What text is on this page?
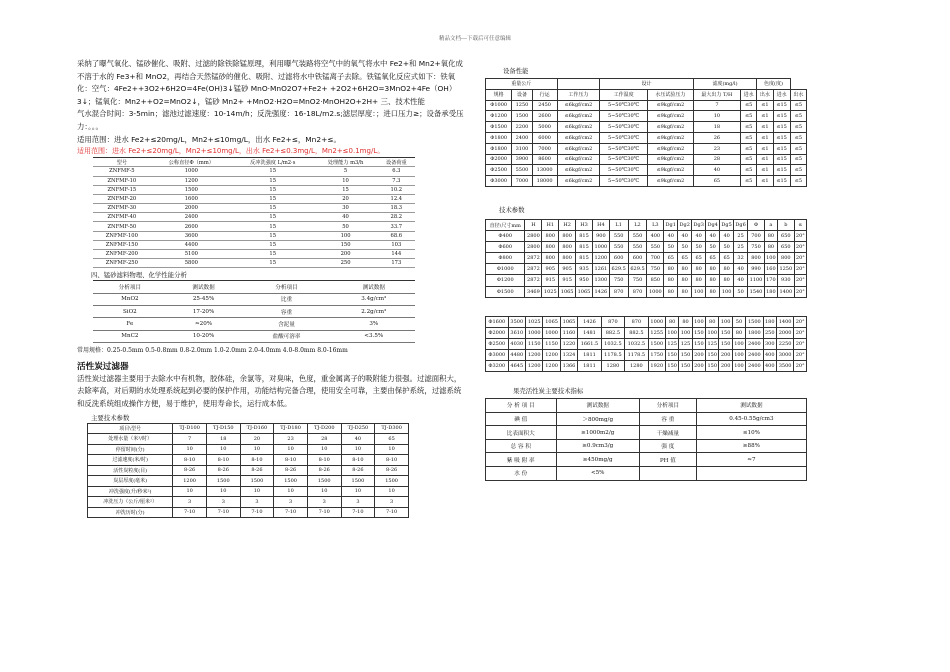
精品文档---下载后可任意编辑

采纳了曝气氧化、锰砂催化、吸附、过滤的除铁除锰原理，利用曝气装路将空气中的氧气将水中 Fe2+和 Mn2+氧化成不溶于水的 Fe3+和 MnO2，再结合天然锰砂的催化、吸附、过滤将水中铁锰离子去除。铁锰氧化反应式如下：铁氧化：空气：4Fe2++3O2+6H2O=4Fe(OH)3↓锰砂 MnO·MnO2O7+Fe2+ +2O2+6H2O=3MnO2+4Fe（OH）3↓；锰氧化：Mn2++O2=MnO2↓，锰砂 Mn2+ +MnO2·H2O=MnO2·MnOH2O+2H+ 三、技术性能

气水混合时间：3-5min；滤池过滤速度：10-14m/h；反洗强度：16-18L/m2.s;滤层厚度：；进口压力≥；设备承受压力：。。。

适用范围：进水 Fe2+≤20mg/L，Mn2+≤10mg/L，出水 Fe2+≤，Mn2+≤。

适用范围：进水 Fe2+≤20mg/L，Mn2+≤10mg/L，出水 Fe2+≤0.3mg/L，Mn2+≤0.1mg/L。
型号	公称直径Φ（mm）	反冲洗强度 L/m2·s	处理能力 m3/h	设备荷重
ZNFMF-5	1000	15	5	6.3
ZNFMF-10	1200	15	10	7.3
ZNFMF-15	1500	15	15	10.2
ZNFMF-20	1600	15	20	12.4
ZNFMF-30	2000	15	30	18.3
ZNFMF-40	2400	15	40	28.2
ZNFMF-50	2600	15	50	33.7
ZNFMF-100	3600	15	100	68.6
ZNFMF-150	4400	15	150	103
ZNFMF-200	5100	15	200	144
ZNFMF-250	5800	15	250	173
四、锰砂滤料物理、化学性能分析
分析项目	测试数据	分析项目	测试数据
MnO2	25-45%	比重	3.4g/cm³
SiO2	17-20%	容重	2.2g/cm³
Fe	≈20%	含泥量	3%
MnC2	10-20%	盐酸可溶率	<3.5%
常用规格：0.25-0.5mm 0.5-0.8mm 0.8-2.0mm 1.0-2.0mm 2.0-4.0mm 4.0-8.0mm 8.0-16mm
活性炭过滤器

活性炭过滤器主要用于去除水中有机物，胶体硅，余氯等，对臭味，色度，重金属离子的吸附能力很强。过滤面积大，去除率高，对后期的水处理系统起到必要的保护作用，功能结构完备合理，使用安全可靠，主要由保护系统，过滤系统和反洗系统组成操作方便，易于维护，使用寿命长，运行成本低。

主要技术参数
项目\型号	TJ-D100	TJ-D150	TJ-D160	TJ-D180	TJ-D200	TJ-D250	TJ-D300
处理水量（米³/时）	7	18	20	23	28	40	65
停留时间(分)	10	10	10	10	10	10	10
过滤速度(米/时)	8-10	8-10	8-10	8-10	8-10	8-10	8-10
活性炭粒度(目)	8-26	8-26	8-26	8-26	8-26	8-26	8-26
炭层厚度(毫米)	1200	1500	1500	1500	1500	1500	1500
冲洗强度(升/秒米²)	10	10	10	10	10	10	10
冲洗压力（公斤/厘米²）	3	3	3	3	3	3	3
冲洗历时(分)	7-10	7-10	7-10	7-10	7-10	7-10	7-10
设备性能
重量公斤				设计		滤度(mg/l)		色度(度)		
规格	设备	行运	工作压力	工作温度	水压试验压力	最大出力 T/H	进水	出水	进水	出水
Φ1000	1250	2450	≤6kgf/cm2	5~50℃30℃	≤9kgf/cm2	7	≤5	≤1	≤15	≤5
Φ1200	1500	2600	≤6kgf/cm2	5~50℃30℃	≤9kgf/cm2	10	≤5	≤1	≤15	≤5
Φ1500	2200	5000	≤6kgf/cm2	5~50℃30℃	≤9kgf/cm2	18	≤5	≤1	≤15	≤5
Φ1800	2400	6000	≤6kgf/cm2	5~50℃30℃	≤9kgf/cm2	26	≤5	≤1	≤15	≤5
Φ1800	3100	7000	≤6kgf/cm2	5~50℃30℃	≤9kgf/cm2	23	≤5	≤1	≤15	≤5
Φ2000	3900	8600	≤6kgf/cm2	5~50℃30℃	≤9kgf/cm2	28	≤5	≤1	≤15	≤5
Φ2500	5500	13000	≤6kgf/cm2	5~50℃30℃	≤9kgf/cm2	40	≤5	≤1	≤15	≤5
Φ3000	7000	18000	≤6kgf/cm2	5~50℃30℃	≤9kgf/cm2	65	≤5	≤1	≤15	≤5
技术参数
直径\尺寸mm	H	H1	H2	H3	H4	L1	L2	L3	Dg1	Dg2	Dg3	Dg4	Dg5	Dg6	Φ	a	b	α
Φ400	2800	800	800	815	900	550	550	400	40	40	40	40	40	25	700	80	650	20°
Φ600	2800	800	800	815	1000	550	550	550	50	50	50	50	50	25	750	80	650	20°
Φ800	2872	800	800	815	1200	600	600	700	65	65	65	65	65	32	800	100	800	20°
Φ1000	2872	905	905	935	1261	629.5	629.5	750	80	80	80	80	80	40	990	160	1250	20°
Φ1200	2872	915	915	950	1300	750	750	850	80	80	80	80	80	40	1100	170	930	20°
Φ1500	3469	1025	1065	1065	1426	870	870	1000	80	80	100	80	100	50	1540	180	1400	20°
Φ1600	3500	1025	1065	1065	1426	870	870	1000	80	80	100	80	100	50	1500	180	1400	20°
Φ2000	3610	1000	1000	1160	1481	882.5	882.5	1255	100	100	150	100	150	80	1800	250	2000	20°
Φ2500	4030	1150	1150	1220	1661.5	1032.5	1032.5	1500	125	125	150	125	150	100	2400	300	2250	20°
Φ3000	4480	1200	1200	1324	1811	1178.5	1178.5	1750	150	150	200	150	200	100	2400	400	3000	20°
Φ3200	4645	1200	1200	1366	1811	1280	1280	1920	150	150	200	150	200	100	2400	400	3500	20°
果壳活性炭主要技术指标
分 析 项 目	测试数据	分析项目	测试数据
碘 值	＞800mg/g	容 重	0.45-0.55g/cm3
比表面积大	≥1000m2/g	干燥减量	≤10%
总 容 积	≥0.9cm3/g	强 度	≥88%
紫 吸 附 率	≥450mg/g	PH 值	≈7
水 份	<5%		
